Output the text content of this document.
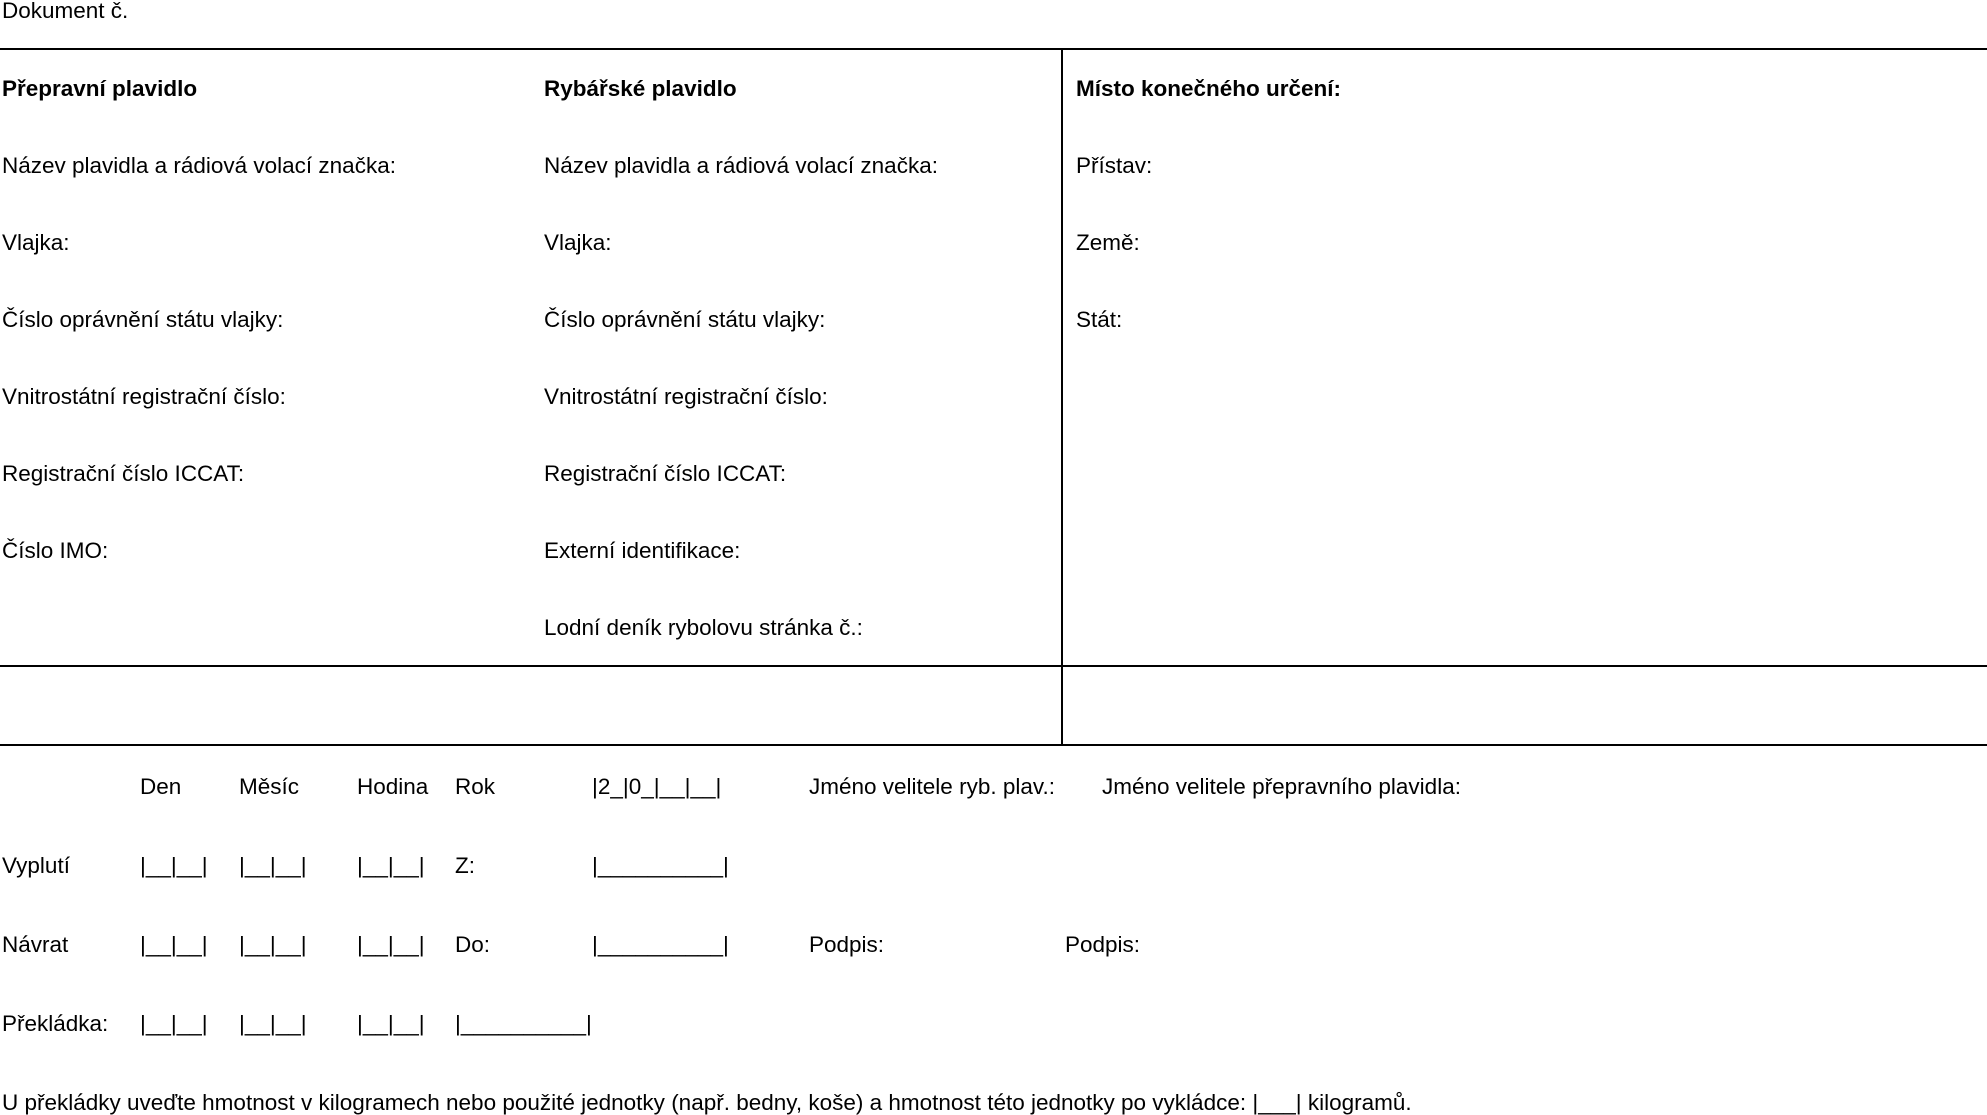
Dokument č.
Přepravní plavidlo
Název plavidla a rádiová volací značka:
Vlajka:
Číslo oprávnění státu vlajky:
Vnitrostátní registrační číslo:
Registrační číslo ICCAT:
Číslo IMO:
Rybářské plavidlo
Název plavidla a rádiová volací značka:
Vlajka:
Číslo oprávnění státu vlajky:
Vnitrostátní registrační číslo:
Registrační číslo ICCAT:
Externí identifikace:
Lodní deník rybolovu stránka č.:
Místo konečného určení:
Přístav:
Země:
Stát:
Den	Měsíc	Hodina Rok	|2_|0_|__|__|	Jméno velitele ryb. plav.: Jméno velitele přepravního plavidla:
Vyplutí	|__|__| |__|__| |__|__| Z:	|__________|
Návrat	|__|__| |__|__| |__|__| Do:	|__________|	Podpis:	Podpis:
Překládka: |__|__| |__|__| |__|__| |__________|
U překládky uveďte hmotnost v kilogramech nebo použité jednotky (např. bedny, koše) a hmotnost této jednotky po vykládce: |___| kilogramů.
